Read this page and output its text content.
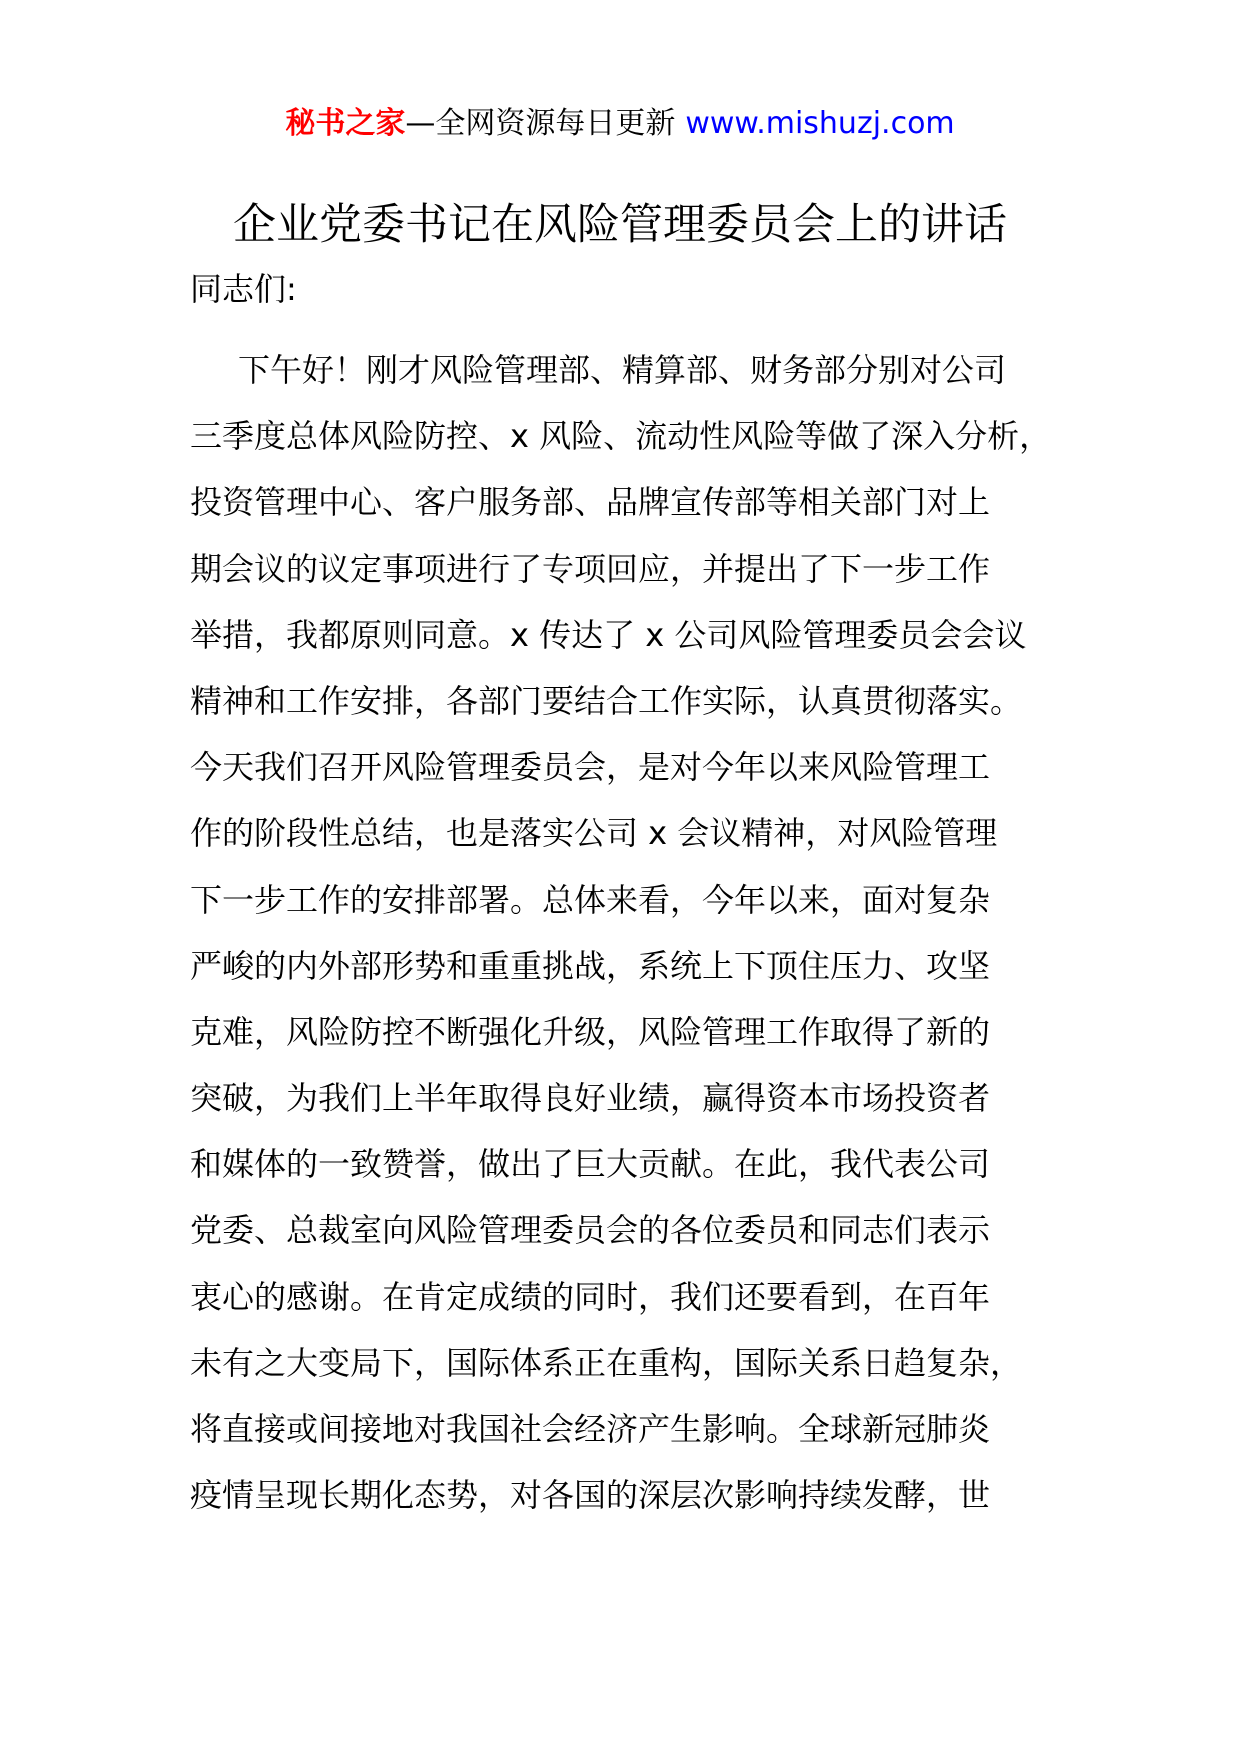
秘书之家—全网资源每日更新 www.mishuzj.com
企业党委书记在风险管理委员会上的讲话
同志们:
下午好！刚才风险管理部、精算部、财务部分别对公司
三季度总体风险防控、x 风险、流动性风险等做了深入分析，
投资管理中心、客户服务部、品牌宣传部等相关部门对上
期会议的议定事项进行了专项回应，并提出了下一步工作
举措，我都原则同意。x 传达了 x 公司风险管理委员会会议
精神和工作安排，各部门要结合工作实际，认真贯彻落实。
今天我们召开风险管理委员会，是对今年以来风险管理工
作的阶段性总结，也是落实公司 x 会议精神，对风险管理
下一步工作的安排部署。总体来看，今年以来，面对复杂
严峻的内外部形势和重重挑战，系统上下顶住压力、攻坚
克难，风险防控不断强化升级，风险管理工作取得了新的
突破，为我们上半年取得良好业绩，赢得资本市场投资者
和媒体的一致赞誉，做出了巨大贡献。在此，我代表公司
党委、总裁室向风险管理委员会的各位委员和同志们表示
衷心的感谢。在肯定成绩的同时，我们还要看到，在百年
未有之大变局下，国际体系正在重构，国际关系日趋复杂，
将直接或间接地对我国社会经济产生影响。全球新冠肺炎
疫情呈现长期化态势，对各国的深层次影响持续发酵，世
